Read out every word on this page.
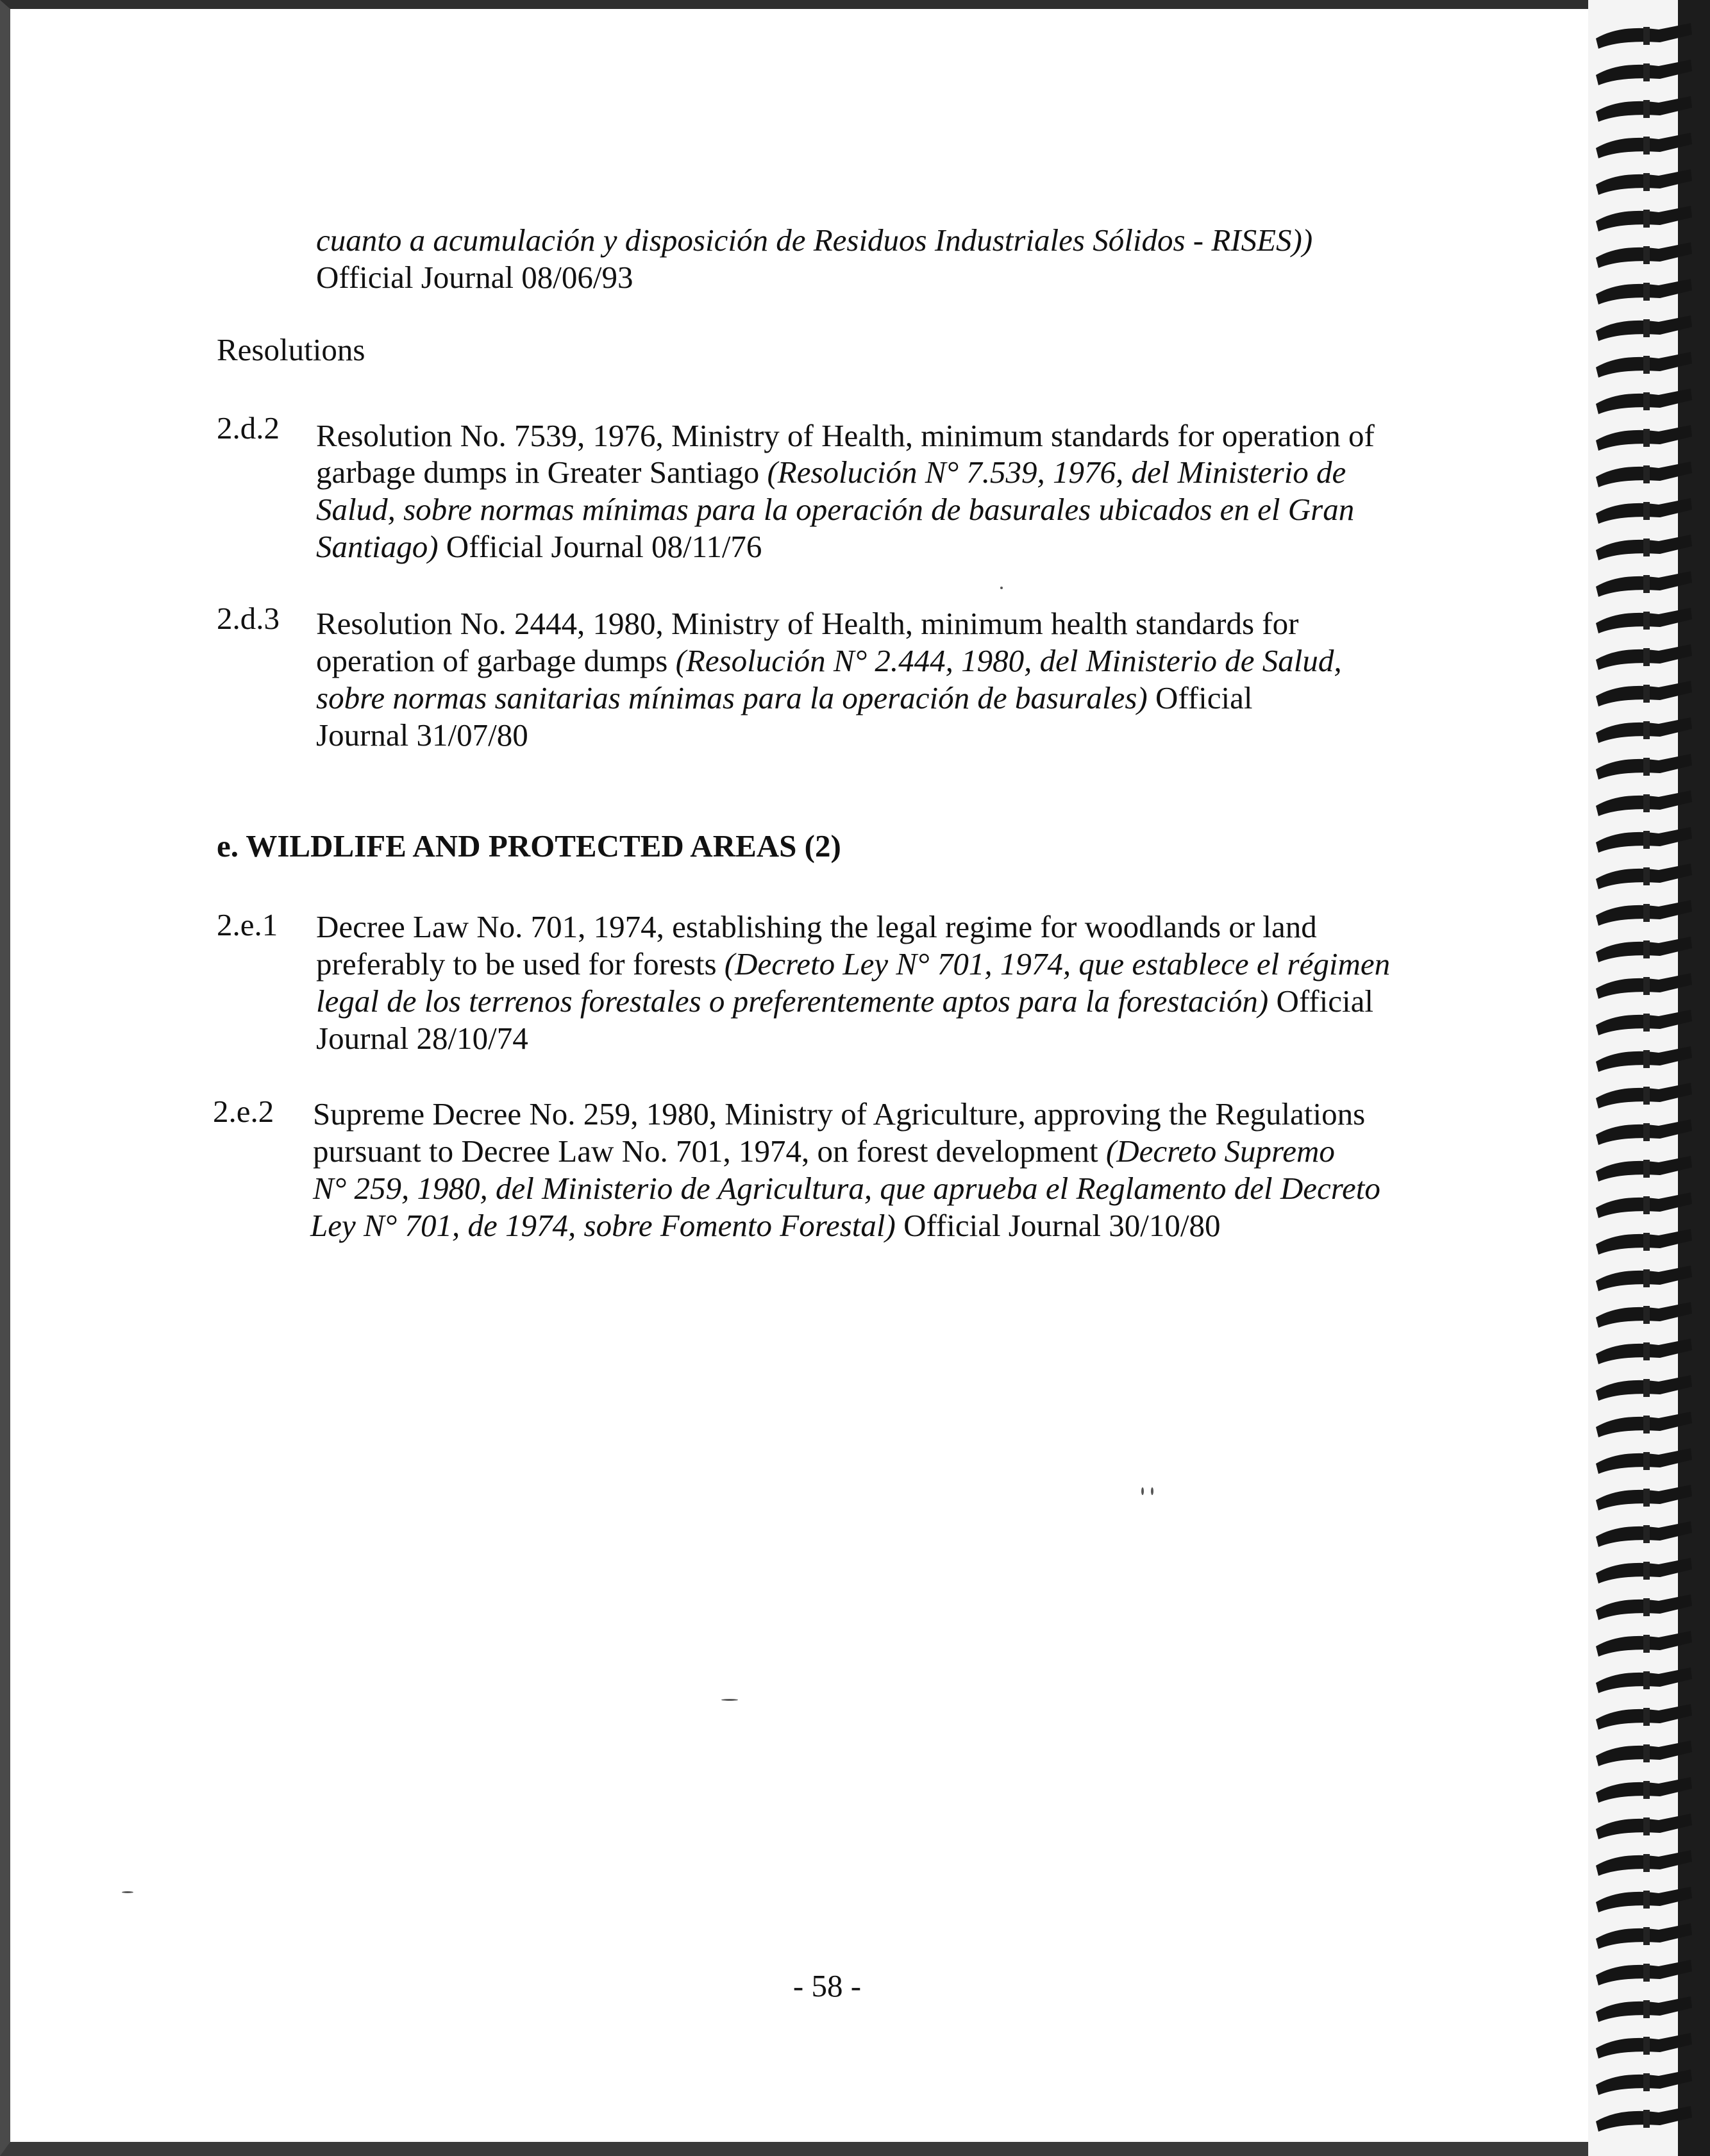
cuanto a acumulación y disposición de Residuos Industriales Sólidos - RISES))
Official Journal 08/06/93
Resolutions
2.d.2 Resolution No. 7539, 1976, Ministry of Health, minimum standards for operation of
garbage dumps in Greater Santiago (Resolución N° 7.539, 1976, del Ministerio de
Salud, sobre normas mínimas para la operación de basurales ubicados en el Gran
Santiago) Official Journal 08/11/76
2.d.3 Resolution No. 2444, 1980, Ministry of Health, minimum health standards for
operation of garbage dumps (Resolución N° 2.444, 1980, del Ministerio de Salud,
sobre normas sanitarias mínimas para la operación de basurales) Official
Journal 31/07/80
e. WILDLIFE AND PROTECTED AREAS (2)
2.e.1 Decree Law No. 701, 1974, establishing the legal regime for woodlands or land
preferably to be used for forests (Decreto Ley N° 701, 1974, que establece el régimen
legal de los terrenos forestales o preferentemente aptos para la forestación) Official
Journal 28/10/74
2.e.2 Supreme Decree No. 259, 1980, Ministry of Agriculture, approving the Regulations
pursuant to Decree Law No. 701, 1974, on forest development (Decreto Supremo
N° 259, 1980, del Ministerio de Agricultura, que aprueba el Reglamento del Decreto
Ley N° 701, de 1974, sobre Fomento Forestal) Official Journal 30/10/80
- 58 -
